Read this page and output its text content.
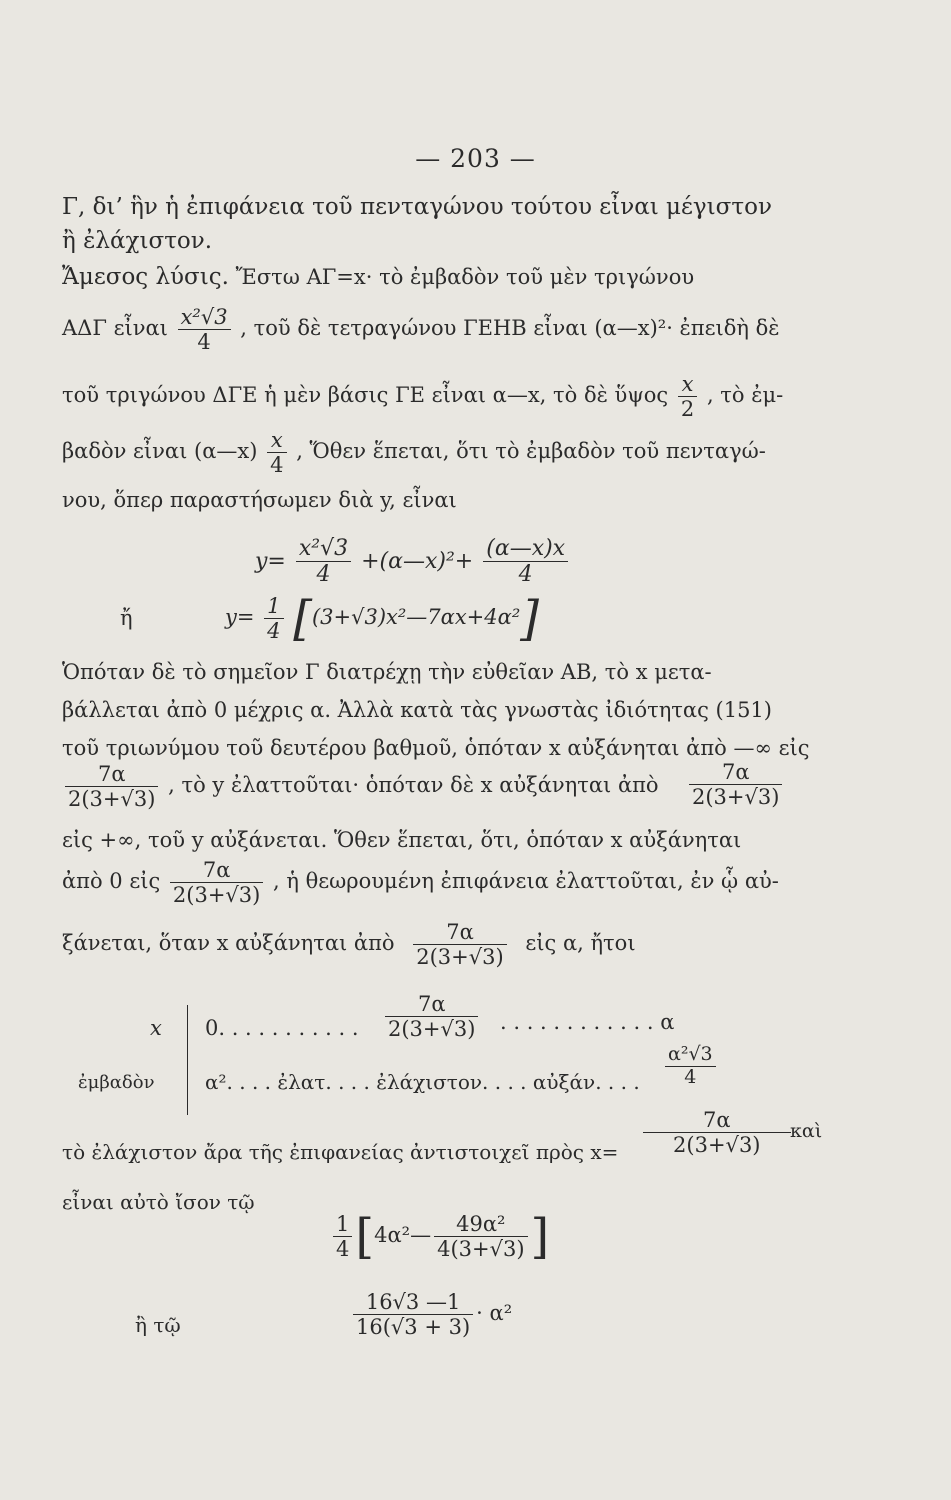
— 203 —
Γ, δι’ ἣν ἡ ἐπιφάνεια τοῦ πενταγώνου τούτου εἶναι μέγιστον
ἢ ἐλάχιστον.
Ἄμεσος λύσις. Ἔστω ΑΓ=x· τὸ ἐμβαδὸν τοῦ μὲν τριγώνου
ΑΔΓ εἶναι $\frac{\text{x²√3}}{4}$ , τοῦ δὲ τετραγώνου ΓΕΗΒ εἶναι (α—x)²· ἐπειδὴ δὲ
τοῦ τριγώνου ΔΓΕ ἡ μὲν βάσις ΓΕ εἶναι α—x, τὸ δὲ ὕψος $\frac{x}{2}$ , τὸ ἐμ-
βαδὸν εἶναι (α—x) $\frac{x}{4}$ , Ὅθεν ἕπεται, ὅτι τὸ ἐμβαδὸν τοῦ πενταγώ-
νου, ὅπερ παραστήσωμεν διὰ y, εἶναι
$y= \frac{\text{x²√3}}{4}$ +(α—x)²+ $\frac{(\alpha—x)x}{4}$
ἤ	$y= \frac{1}{4}$ [(3+√3)x²—7αx+4α²]
Ὁπόταν δὲ τὸ σημεῖον Γ διατρέχῃ τὴν εὐθεῖαν ΑΒ, τὸ x μετα-
βάλλεται ἀπὸ 0 μέχρις α. Ἀλλὰ κατὰ τὰς γνωστὰς ἰδιότητας (151)
τοῦ τριωνύμου τοῦ δευτέρου βαθμοῦ, ὁπόταν x αὐξάνηται ἀπὸ —∞ εἰς
$\frac{7\alpha}{2(3+√3)}$ , τὸ y ἐλαττοῦται· ὁπόταν δὲ x αὐξάνηται ἀπὸ $\frac{7\alpha}{2(3+√3)}$
εἰς +∞, τοῦ y αὐξάνεται. Ὅθεν ἕπεται, ὅτι, ὁπόταν x αὐξάνηται
ἀπὸ 0 εἰς $\frac{7\alpha}{2(3+√3)}$ , ἡ θεωρουμένη ἐπιφάνεια ἐλαττοῦται, ἐν ᾧ αὐ-
ξάνεται, ὅταν x αὐξάνηται ἀπὸ $\frac{7\alpha}{2(3+√3)}$ εἰς α, ἤτοι
x 0. . . . . . . . . . . $\frac{7\alpha}{2(3+√3)}$ . . . . . . . . . . . . α
ἐμβαδὸν	α². . . . ἐλατ. . . . ἐλάχιστον. . . . αὐξάν. . . . $\frac{\text{α²√3}}{4}$
τὸ ἐλάχιστον ἄρα τῆς ἐπιφανείας ἀντιστοιχεῖ πρὸς $x= \frac{7\alpha}{2(3+√3)}$ καὶ
εἶναι αὐτὸ ἴσον τῷ
$\frac{1}{4}$ [4α²— $\frac{\text{49α²}}{4(3+√3)}$ ]
ἢ τῷ	$\frac{16√3 —1}{16(√3 + 3)} \cdot \alpha^2$
